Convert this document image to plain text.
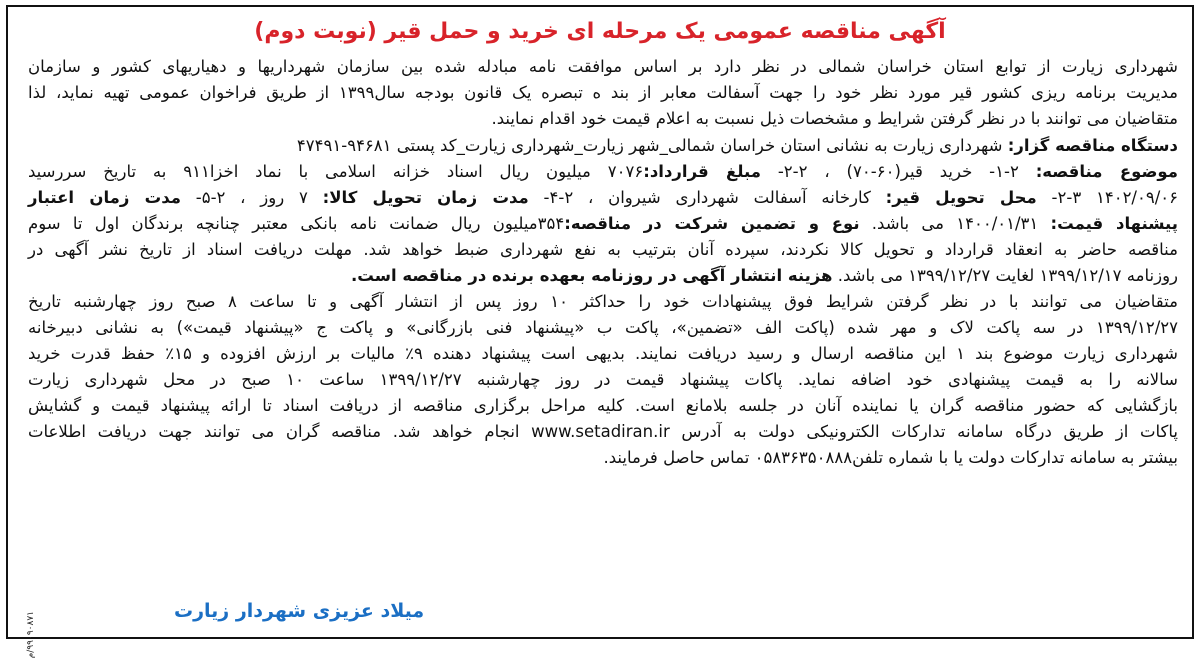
آگهی مناقصه عمومی یک مرحله ای خرید و حمل قیر (نوبت دوم)
شهرداری زیارت از توابع استان خراسان شمالی در نظر دارد بر اساس موافقت نامه مبادله شده بین سازمان شهرداریها و دهیاریهای کشور و سازمان
مدیریت برنامه ریزی کشور قیر مورد نظر خود را جهت آسفالت معابر از بند ه تبصره یک قانون بودجه سال۱۳۹۹ از طریق فراخوان عمومی تهیه نماید، لذا
متقاضیان می توانند با در نظر گرفتن شرایط و مشخصات ذیل نسبت به اعلام قیمت خود اقدام نمایند.
دستگاه مناقصه گزار: شهرداری زیارت به نشانی استان خراسان شمالی_شهر زیارت_شهرداری زیارت_کد پستی ۹۴۶۸۱-۴۷۴۹۱
موضوع مناقصه: ۲-۱- خرید قیر(۶۰-۷۰) ، ۲-۲- مبلغ قرارداد:۷۰۷۶ میلیون ریال اسناد خزانه اسلامی با نماد اخزا۹۱۱ به تاریخ سررسید
۱۴۰۲/۰۹/۰۶ ۲-۳- محل تحویل قیر: کارخانه آسفالت شهرداری شیروان ، ۲-۴- مدت زمان تحویل کالا: ۷ روز ، ۲-۵- مدت زمان اعتبار
پیشنهاد قیمت: ۱۴۰۰/۰۱/۳۱ می باشد. نوع و تضمین شرکت در مناقصه:۳۵۴میلیون ریال ضمانت نامه بانکی معتبر چنانچه برندگان اول تا سوم
مناقصه حاضر به انعقاد قرارداد و تحویل کالا نکردند، سپرده آنان بترتیب به نفع شهرداری ضبط خواهد شد. مهلت دریافت اسناد از تاریخ نشر آگهی در
روزنامه ۱۳۹۹/۱۲/۱۷ لغایت ۱۳۹۹/۱۲/۲۷ می باشد. هزینه انتشار آگهی در روزنامه بعهده برنده در مناقصه است.
متقاضیان می توانند با در نظر گرفتن شرایط فوق پیشنهادات خود را حداکثر ۱۰ روز پس از انتشار آگهی و تا ساعت ۸ صبح روز چهارشنبه تاریخ
۱۳۹۹/۱۲/۲۷ در سه پاکت لاک و مهر شده (پاکت الف «تضمین»، پاکت ب «پیشنهاد فنی بازرگانی» و پاکت ج «پیشنهاد قیمت») به نشانی دبیرخانه
شهرداری زیارت موضوع بند ۱ این مناقصه ارسال و رسید دریافت نمایند. بدیهی است پیشنهاد دهنده ۹٪ مالیات بر ارزش افزوده و ۱۵٪ حفظ قدرت خرید
سالانه را به قیمت پیشنهادی خود اضافه نماید. پاکات پیشنهاد قیمت در روز چهارشنبه ۱۳۹۹/۱۲/۲۷ ساعت ۱۰ صبح در محل شهرداری زیارت
بازگشایی که حضور مناقصه گران یا نماینده آنان در جلسه بلامانع است. کلیه مراحل برگزاری مناقصه از دریافت اسناد تا ارائه پیشنهاد قیمت و گشایش
پاکات از طریق درگاه سامانه تدارکات الکترونیکی دولت به آدرس www.setadiran.ir انجام خواهد شد. مناقصه گران می توانند جهت دریافت اطلاعات
بیشتر به سامانه تدارکات دولت یا با شماره تلفن۰۵۸۳۶۳۵۰۸۸۸ تماس حاصل فرمایند.
میلاد عزیزی شهردار زیارت
۹۹۰۹۰۸۷۱/م
